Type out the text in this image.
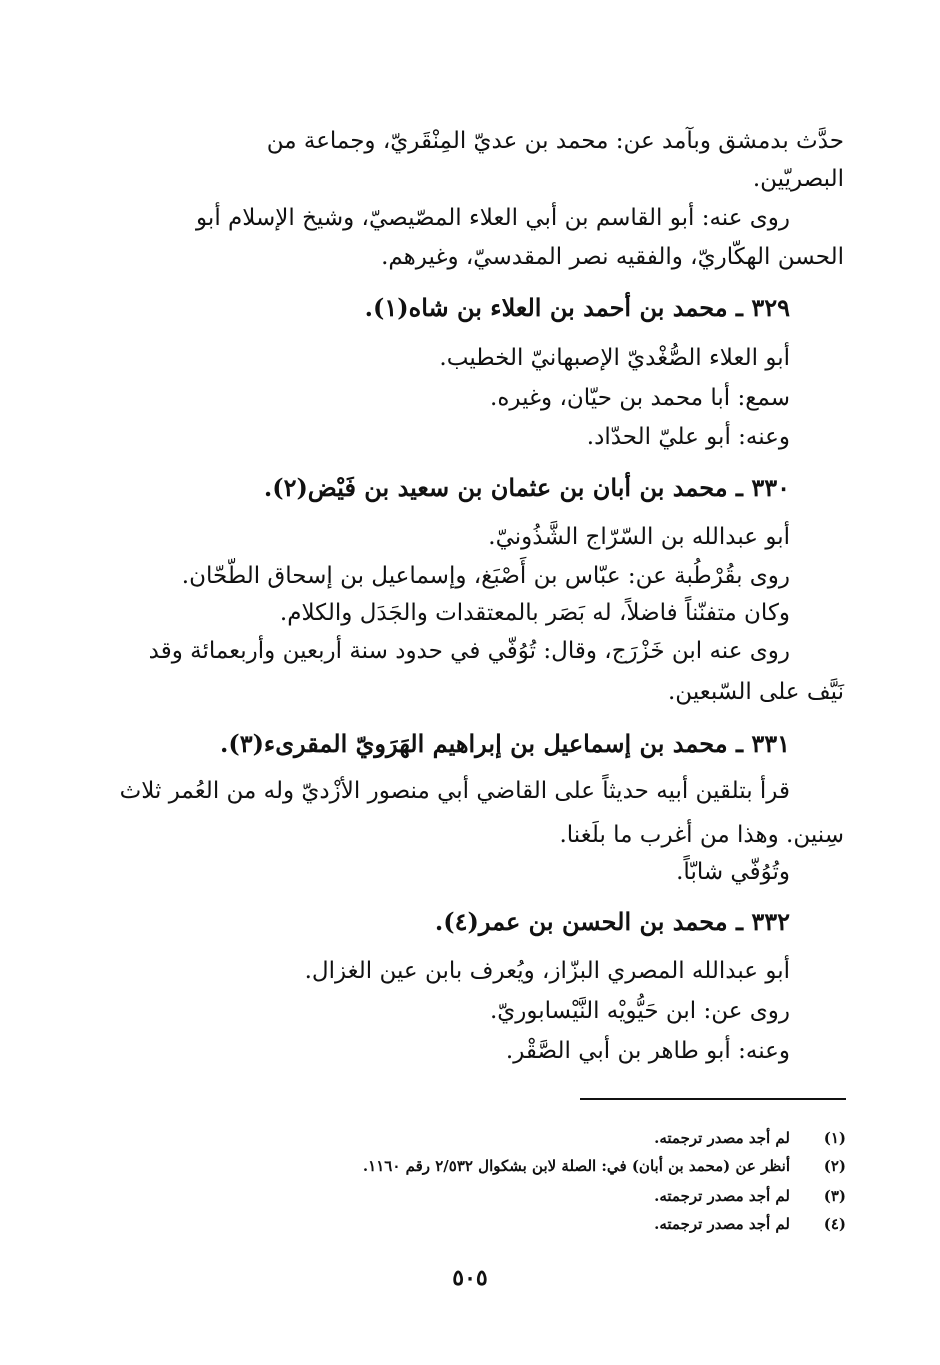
حدَّث بدمشق وبآمد عن: محمد بن عديّ المِنْقَريّ، وجماعة من
البصريّين.
روى عنه: أبو القاسم بن أبي العلاء المصّيصيّ، وشيخ الإسلام أبو
الحسن الهكّاريّ، والفقيه نصر المقدسيّ، وغيرهم.
٣٢٩ ـ محمد بن أحمد بن العلاء بن شاه(١).
أبو العلاء الصُّغْديّ الإصبهانيّ الخطيب.
سمع: أبا محمد بن حيّان، وغيره.
وعنه: أبو عليّ الحدّاد.
٣٣٠ ـ محمد بن أبان بن عثمان بن سعيد بن فَيْض(٢).
أبو عبدالله بن السّرّاج الشَّذُونيّ.
روى بقُرْطُبة عن: عبّاس بن أَصْبَغ، وإسماعيل بن إسحاق الطّحّان.
وكان متفنّناً فاضلاً، له بَصَر بالمعتقدات والجَدَل والكلام.
روى عنه ابن خَزْرَج، وقال: تُوُفّي في حدود سنة أربعين وأربعمائة وقد
نَيَّف على السّبعين.
٣٣١ ـ محمد بن إسماعيل بن إبراهيم الهَرَويّ المقرىء(٣).
قرأ بتلقين أبيه حديثاً على القاضي أبي منصور الأزْديّ وله من العُمر ثلاث
سِنين. وهذا من أغرب ما بلَغنا.
وتُوُفّي شابّاً.
٣٣٢ ـ محمد بن الحسن بن عمر(٤).
أبو عبدالله المصري البزّاز، ويُعرف بابن عين الغزال.
روى عن: ابن حَيُّويْه النَّيْسابوريّ.
وعنه: أبو طاهر بن أبي الصَّقْر.
(١)
لم أجد مصدر ترجمته.
(٢)
أنظر عن (محمد بن أبان) في: الصلة لابن بشكوال ٢/٥٣٢ رقم ١١٦٠.
(٣)
لم أجد مصدر ترجمته.
(٤)
لم أجد مصدر ترجمته.
٥٠٥
